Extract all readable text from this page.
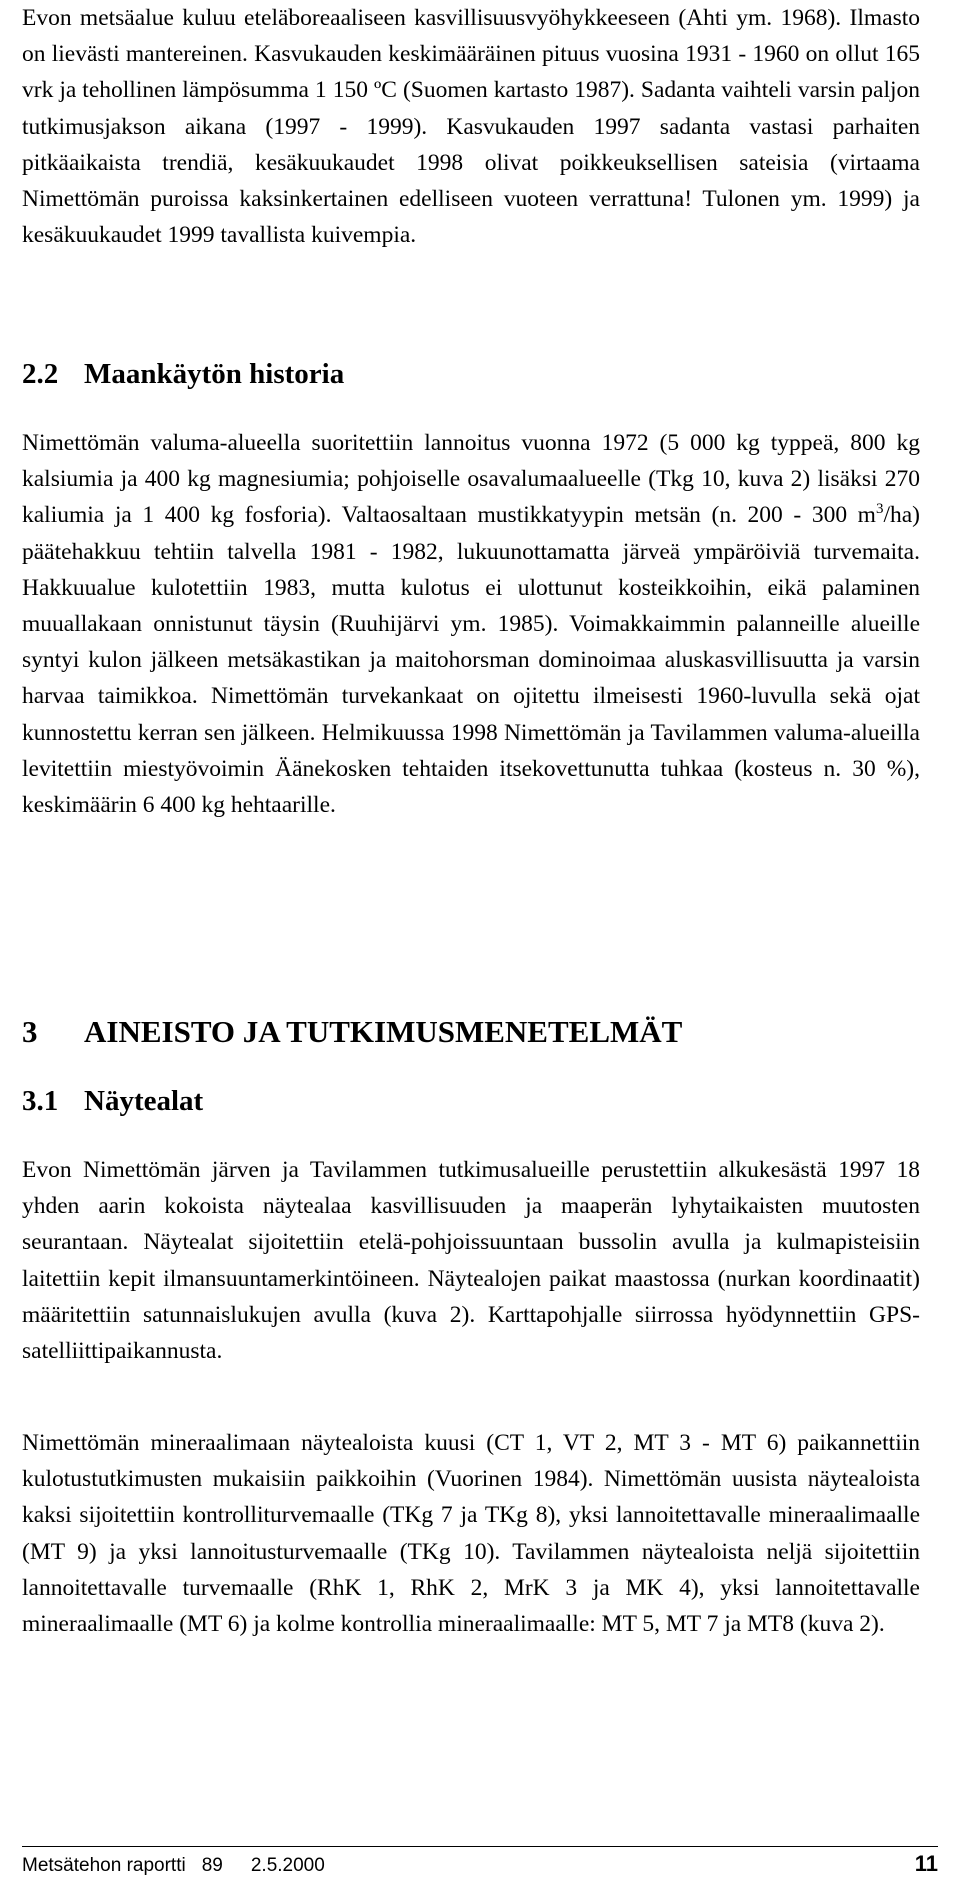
Evon metsäalue kuluu eteläboreaaliseen kasvillisuusvyöhykkeeseen (Ahti ym. 1968). Ilmasto on lievästi mantereinen. Kasvukauden keskimääräinen pituus vuosina 1931 - 1960 on ollut 165 vrk ja tehollinen lämpösumma 1 150 ºC (Suomen kartasto 1987). Sadanta vaihteli varsin paljon tutkimusjakson aikana (1997 - 1999). Kasvukauden 1997 sadanta vastasi parhaiten pitkäaikaista trendiä, kesäkuukaudet 1998 olivat poikkeuksellisen sateisia (virtaama Nimettömän puroissa kaksinkertainen edelliseen vuoteen verrattuna! Tulonen ym. 1999) ja kesäkuukaudet 1999 tavallista kuivempia.

2.2 Maankäytön historia

Nimettömän valuma-alueella suoritettiin lannoitus vuonna 1972 (5 000 kg typpeä, 800 kg kalsiumia ja 400 kg magnesiumia; pohjoiselle osavalumaalueelle (Tkg 10, kuva 2) lisäksi 270 kaliumia ja 1 400 kg fosforia). Valtaosaltaan mustikkatyypin metsän (n. 200 - 300 $m^3/ha$) päätehakkuu tehtiin talvella 1981 - 1982, lukuunottamatta järveä ympäröiviä turvemaita. Hakkuualue kulotettiin 1983, mutta kulotus ei ulottunut kosteikkoihin, eikä palaminen muuallakaan onnistunut täysin (Ruuhijärvi ym. 1985). Voimakkaimmin palanneille alueille syntyi kulon jälkeen metsäkastikan ja maitohorsman dominoimaa aluskasvillisuutta ja varsin harvaa taimikkoa. Nimettömän turvekankaat on ojitettu ilmeisesti 1960-luvulla sekä ojat kunnostettu kerran sen jälkeen. Helmikuussa 1998 Nimettömän ja Tavilammen valuma-alueilla levitettiin miestyövoimin Äänekosken tehtaiden itsekovettunutta tuhkaa (kosteus n. 30 %), keskimäärin 6 400 kg hehtaarille.

3 AINEISTO JA TUTKIMUSMENETELMÄT
3.1 Näytealat

Evon Nimettömän järven ja Tavilammen tutkimusalueille perustettiin alkukesästä 1997 18 yhden aarin kokoista näytealaa kasvillisuuden ja maaperän lyhytaikaisten muutosten seurantaan. Näytealat sijoitettiin etelä-pohjoissuuntaan bussolin avulla ja kulmapisteisiin laitettiin kepit ilmansuuntamerkintöineen. Näytealojen paikat maastossa (nurkan koordinaatit) määritettiin satunnaislukujen avulla (kuva 2). Karttapohjalle siirrossa hyödynnettiin GPS-satelliittipaikannusta.

Nimettömän mineraalimaan näytealoista kuusi (CT 1, VT 2, MT 3 - MT 6) paikannettiin kulotustutkimusten mukaisiin paikkoihin (Vuorinen 1984). Nimettömän uusista näytealoista kaksi sijoitettiin kontrolliturvemaalle (TKg 7 ja TKg 8), yksi lannoitettavalle mineraalimaalle (MT 9) ja yksi lannoitusturvemaalle (TKg 10). Tavilammen näytealoista neljä sijoitettiin lannoitettavalle turvemaalle (RhK 1, RhK 2, MrK 3 ja MK 4), yksi lannoitettavalle mineraalimaalle (MT 6) ja kolme kontrollia mineraalimaalle: MT 5, MT 7 ja MT8 (kuva 2).

Metsätehon raportti 89 2.5.2000	11
